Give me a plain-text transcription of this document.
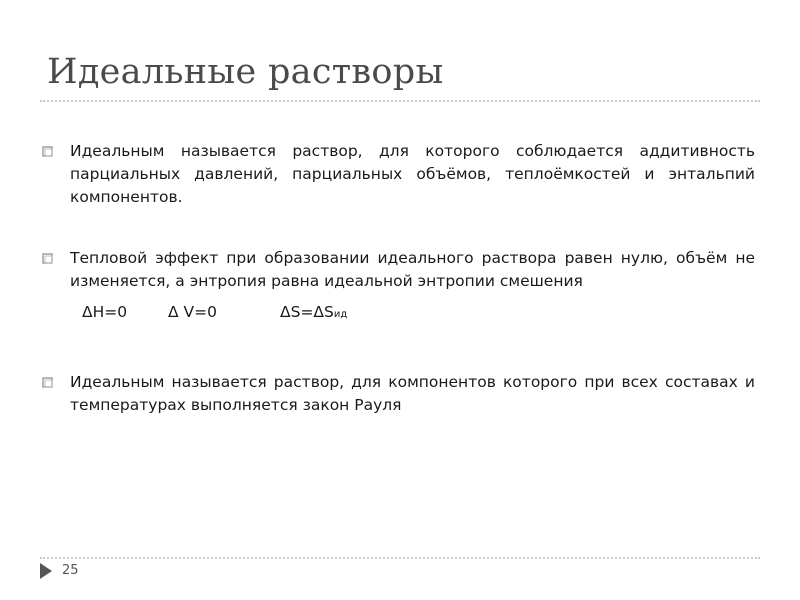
Идеальные растворы
Идеальным называется раствор, для которого соблюдается аддитивность парциальных давлений, парциальных объёмов, теплоёмкостей и энтальпий компонентов.
Тепловой эффект при образовании идеального раствора равен нулю, объём не изменяется, а энтропия равна идеальной энтропии смешения
ΔH=0	Δ V=0	ΔS=ΔSид
Идеальным называется раствор, для компонентов которого при всех составах и температурах выполняется закон Рауля
25
